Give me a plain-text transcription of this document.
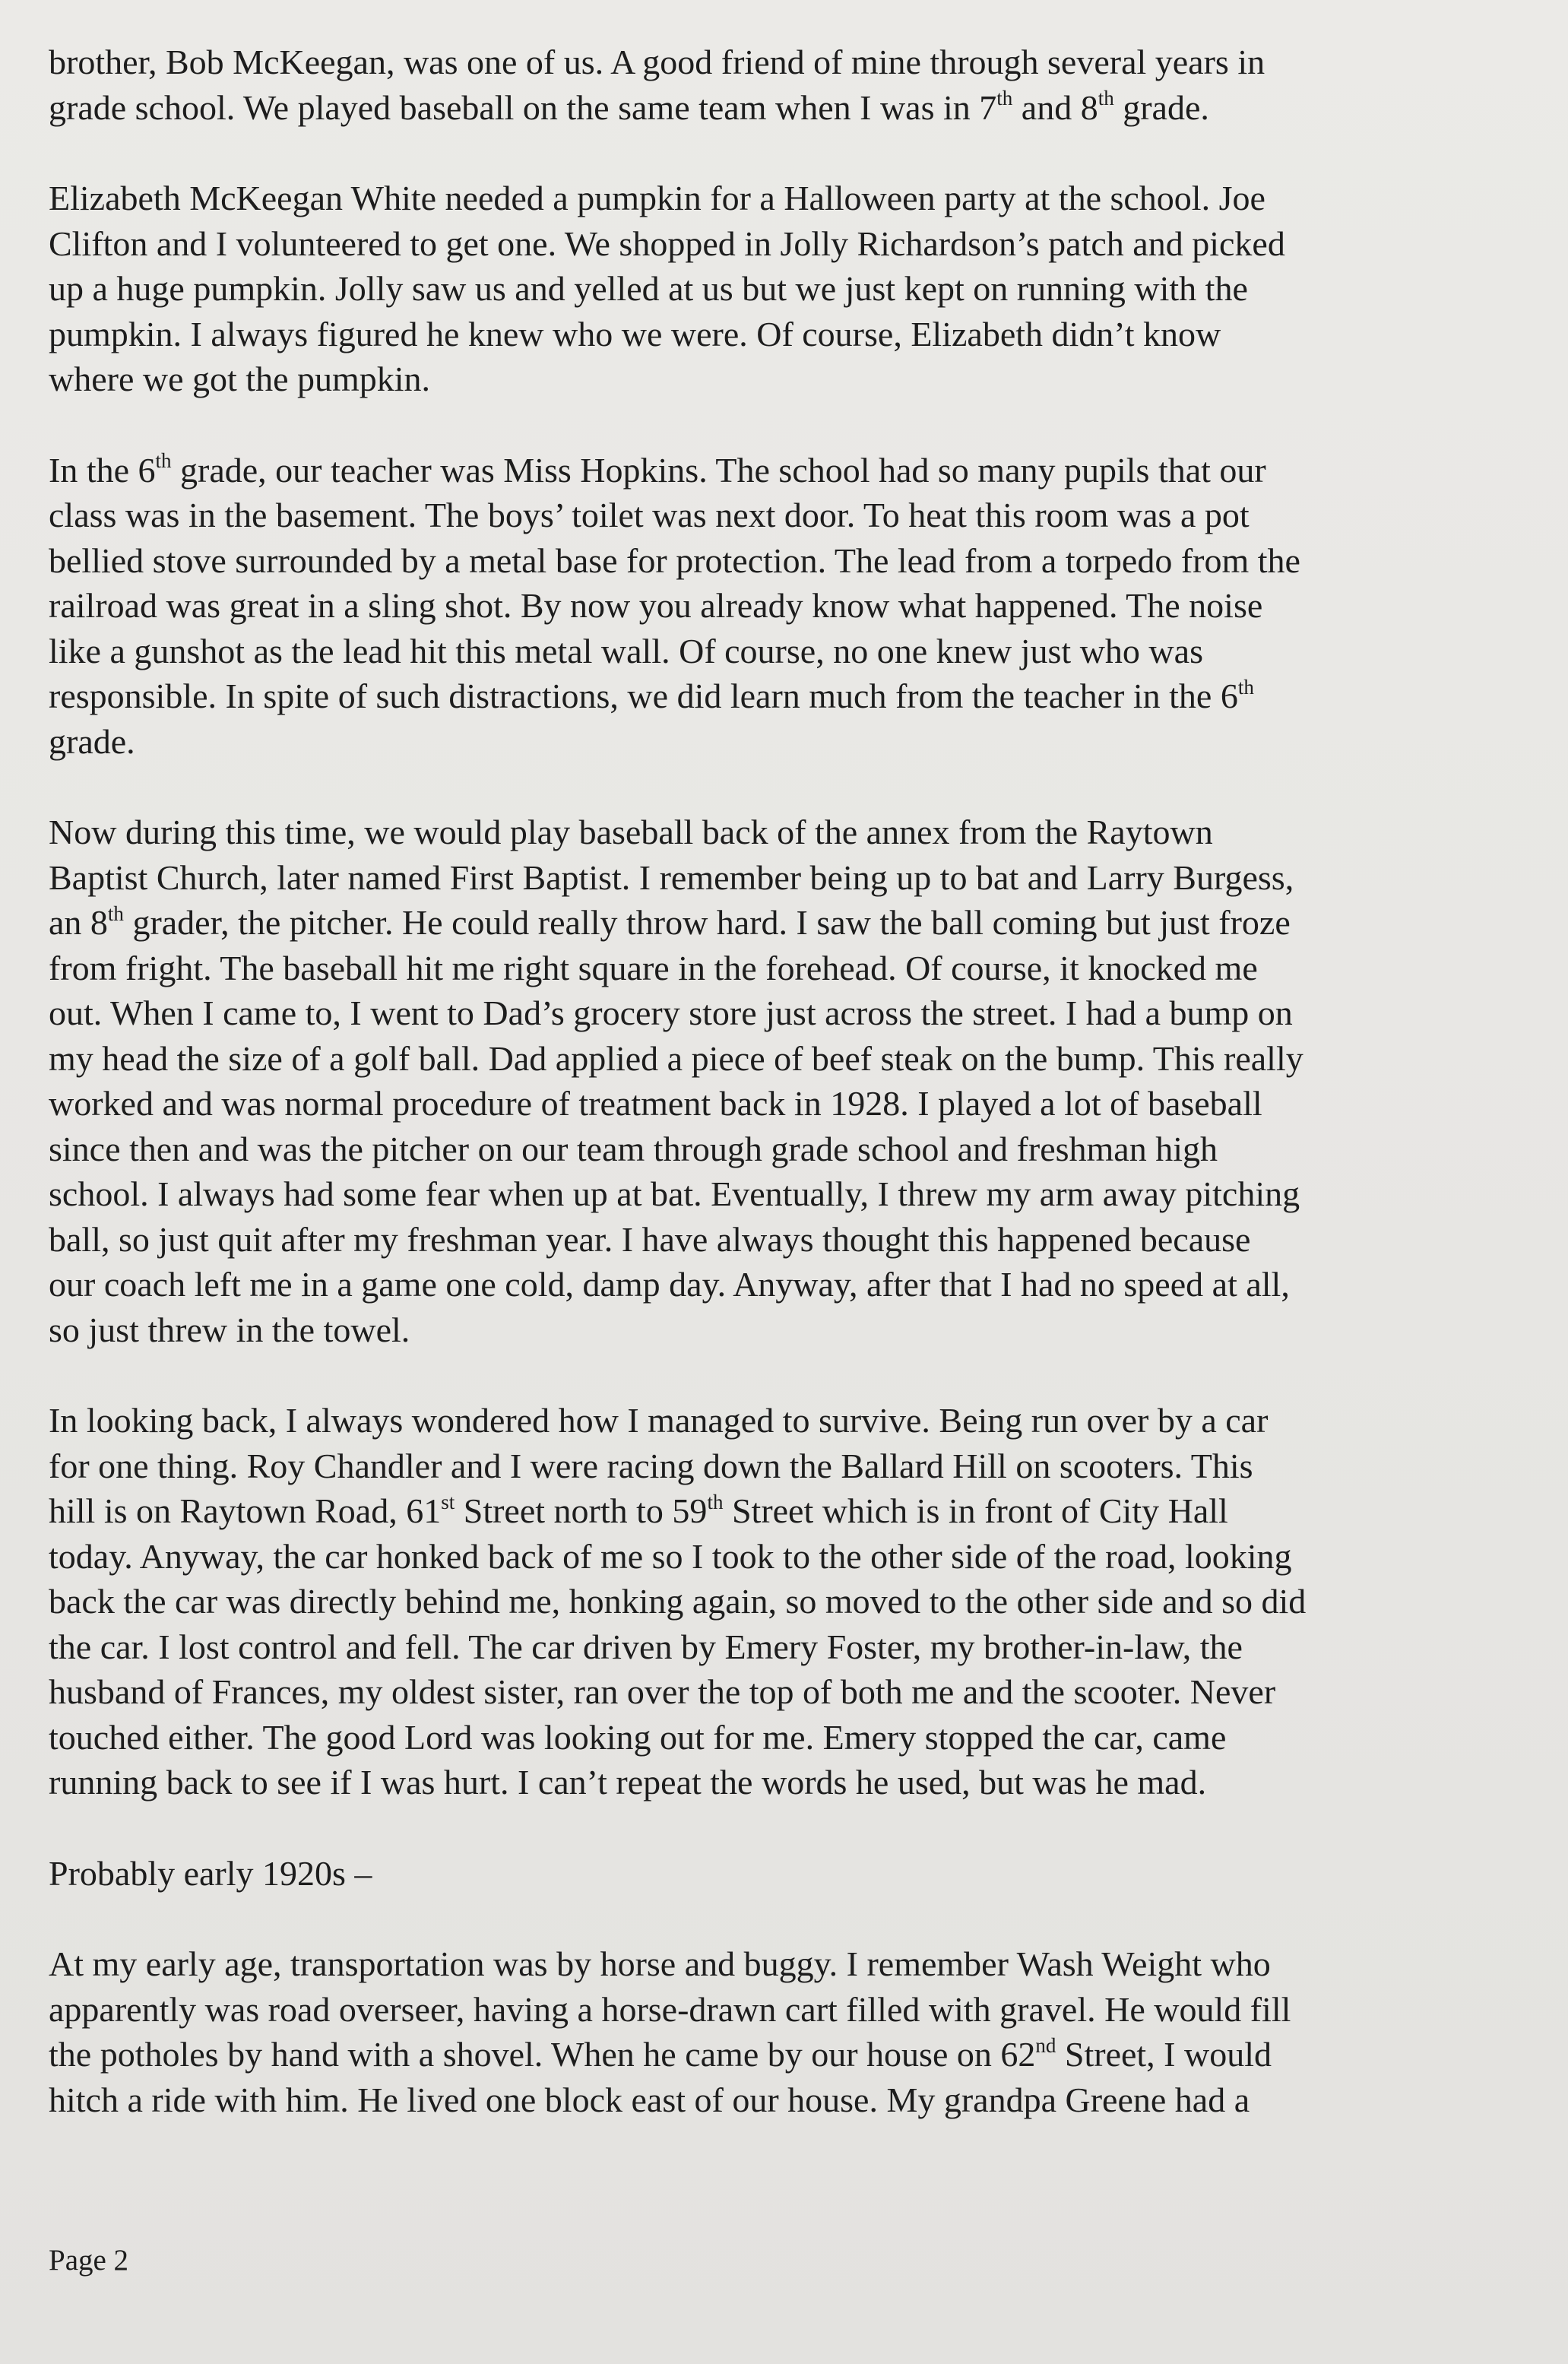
brother, Bob McKeegan, was one of us. A good friend of mine through several years in
grade school. We played baseball on the same team when I was in 7th and 8th grade.
Elizabeth McKeegan White needed a pumpkin for a Halloween party at the school. Joe
Clifton and I volunteered to get one. We shopped in Jolly Richardson’s patch and picked
up a huge pumpkin. Jolly saw us and yelled at us but we just kept on running with the
pumpkin. I always figured he knew who we were. Of course, Elizabeth didn’t know
where we got the pumpkin.
In the 6th grade, our teacher was Miss Hopkins. The school had so many pupils that our
class was in the basement. The boys’ toilet was next door. To heat this room was a pot
bellied stove surrounded by a metal base for protection. The lead from a torpedo from the
railroad was great in a sling shot. By now you already know what happened. The noise
like a gunshot as the lead hit this metal wall. Of course, no one knew just who was
responsible. In spite of such distractions, we did learn much from the teacher in the 6th
grade.
Now during this time, we would play baseball back of the annex from the Raytown
Baptist Church, later named First Baptist. I remember being up to bat and Larry Burgess,
an 8th grader, the pitcher. He could really throw hard. I saw the ball coming but just froze
from fright. The baseball hit me right square in the forehead. Of course, it knocked me
out. When I came to, I went to Dad’s grocery store just across the street. I had a bump on
my head the size of a golf ball. Dad applied a piece of beef steak on the bump. This really
worked and was normal procedure of treatment back in 1928. I played a lot of baseball
since then and was the pitcher on our team through grade school and freshman high
school. I always had some fear when up at bat. Eventually, I threw my arm away pitching
ball, so just quit after my freshman year. I have always thought this happened because
our coach left me in a game one cold, damp day. Anyway, after that I had no speed at all,
so just threw in the towel.
In looking back, I always wondered how I managed to survive. Being run over by a car
for one thing. Roy Chandler and I were racing down the Ballard Hill on scooters. This
hill is on Raytown Road, 61st Street north to 59th Street which is in front of City Hall
today. Anyway, the car honked back of me so I took to the other side of the road, looking
back the car was directly behind me, honking again, so moved to the other side and so did
the car. I lost control and fell. The car driven by Emery Foster, my brother-in-law, the
husband of Frances, my oldest sister, ran over the top of both me and the scooter. Never
touched either. The good Lord was looking out for me. Emery stopped the car, came
running back to see if I was hurt. I can’t repeat the words he used, but was he mad.
Probably early 1920s –
At my early age, transportation was by horse and buggy. I remember Wash Weight who
apparently was road overseer, having a horse-drawn cart filled with gravel. He would fill
the potholes by hand with a shovel. When he came by our house on 62nd Street, I would
hitch a ride with him. He lived one block east of our house. My grandpa Greene had a
Page 2
